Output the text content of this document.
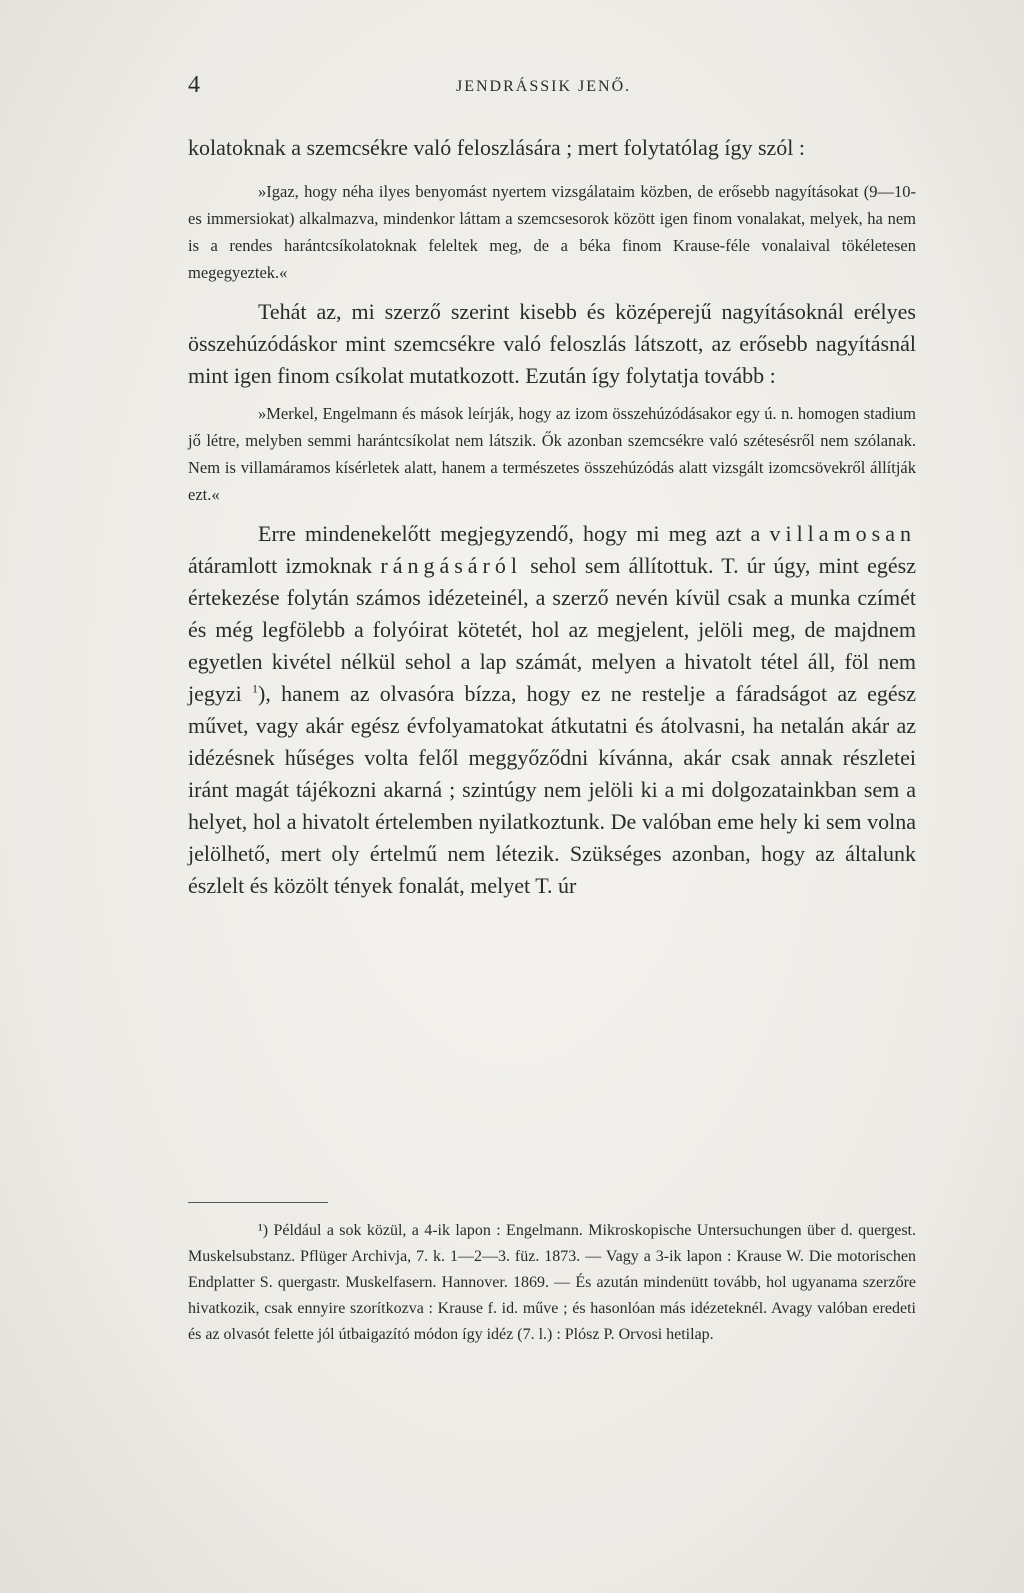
4	JENDRÁSSIK JENŐ.

kolatoknak a szemcsékre való feloszlására ; mert folytatólag így szól :

»Igaz, hogy néha ilyes benyomást nyertem vizsgálataim közben, de erősebb nagyításokat (9—10-es immersiokat) alkalmazva, mindenkor láttam a szemcsesorok között igen finom vonalakat, melyek, ha nem is a rendes harántcsíkolatoknak feleltek meg, de a béka finom Krause-féle vonalaival tökéletesen megegyeztek.«

Tehát az, mi szerző szerint kisebb és középerejű nagyításoknál erélyes összehúzódáskor mint szemcsékre való feloszlás látszott, az erősebb nagyításnál mint igen finom csíkolat mutatkozott. Ezután így folytatja tovább :

»Merkel, Engelmann és mások leírják, hogy az izom összehúzódásakor egy ú. n. homogen stadium jő létre, melyben semmi harántcsíkolat nem látszik. Ők azonban szemcsékre való szétesésről nem szólanak. Nem is villamáramos kísérletek alatt, hanem a természetes összehúzódás alatt vizsgált izomcsövekről állítják ezt.«

Erre mindenekelőtt megjegyzendő, hogy mi meg azt a villamosan átáramlott izmoknak rángásáról sehol sem állítottuk. T. úr úgy, mint egész értekezése folytán számos idézeteinél, a szerző nevén kívül csak a munka czímét és még legfölebb a folyóirat kötetét, hol az megjelent, jelöli meg, de majdnem egyetlen kivétel nélkül sehol a lap számát, melyen a hivatolt tétel áll, föl nem jegyzi $^1$), hanem az olvasóra bízza, hogy ez ne restelje a fáradságot az egész művet, vagy akár egész évfolyamatokat átkutatni és átolvasni, ha netalán akár az idézésnek hűséges volta felől meggyőződni kívánna, akár csak annak részletei iránt magát tájékozni akarná ; szintúgy nem jelöli ki a mi dolgozatainkban sem a helyet, hol a hivatolt értelemben nyilatkoztunk. De valóban eme hely ki sem volna jelölhető, mert oly értelmű nem létezik. Szükséges azonban, hogy az általunk észlelt és közölt tények fonalát, melyet T. úr

¹) Például a sok közül, a 4-ik lapon : Engelmann. Mikroskopische Untersuchungen über d. quergest. Muskelsubstanz. Pflüger Archivja, 7. k. 1—2—3. füz. 1873. — Vagy a 3-ik lapon : Krause W. Die motorischen Endplatter S. quergastr. Muskelfasern. Hannover. 1869. — És azután mindenütt tovább, hol ugyanama szerzőre hivatkozik, csak ennyire szorítkozva : Krause f. id. műve ; és hasonlóan más idézeteknél. Avagy valóban eredeti és az olvasót felette jól útbaigazító módon így idéz (7. l.) : Plósz P. Orvosi hetilap.
